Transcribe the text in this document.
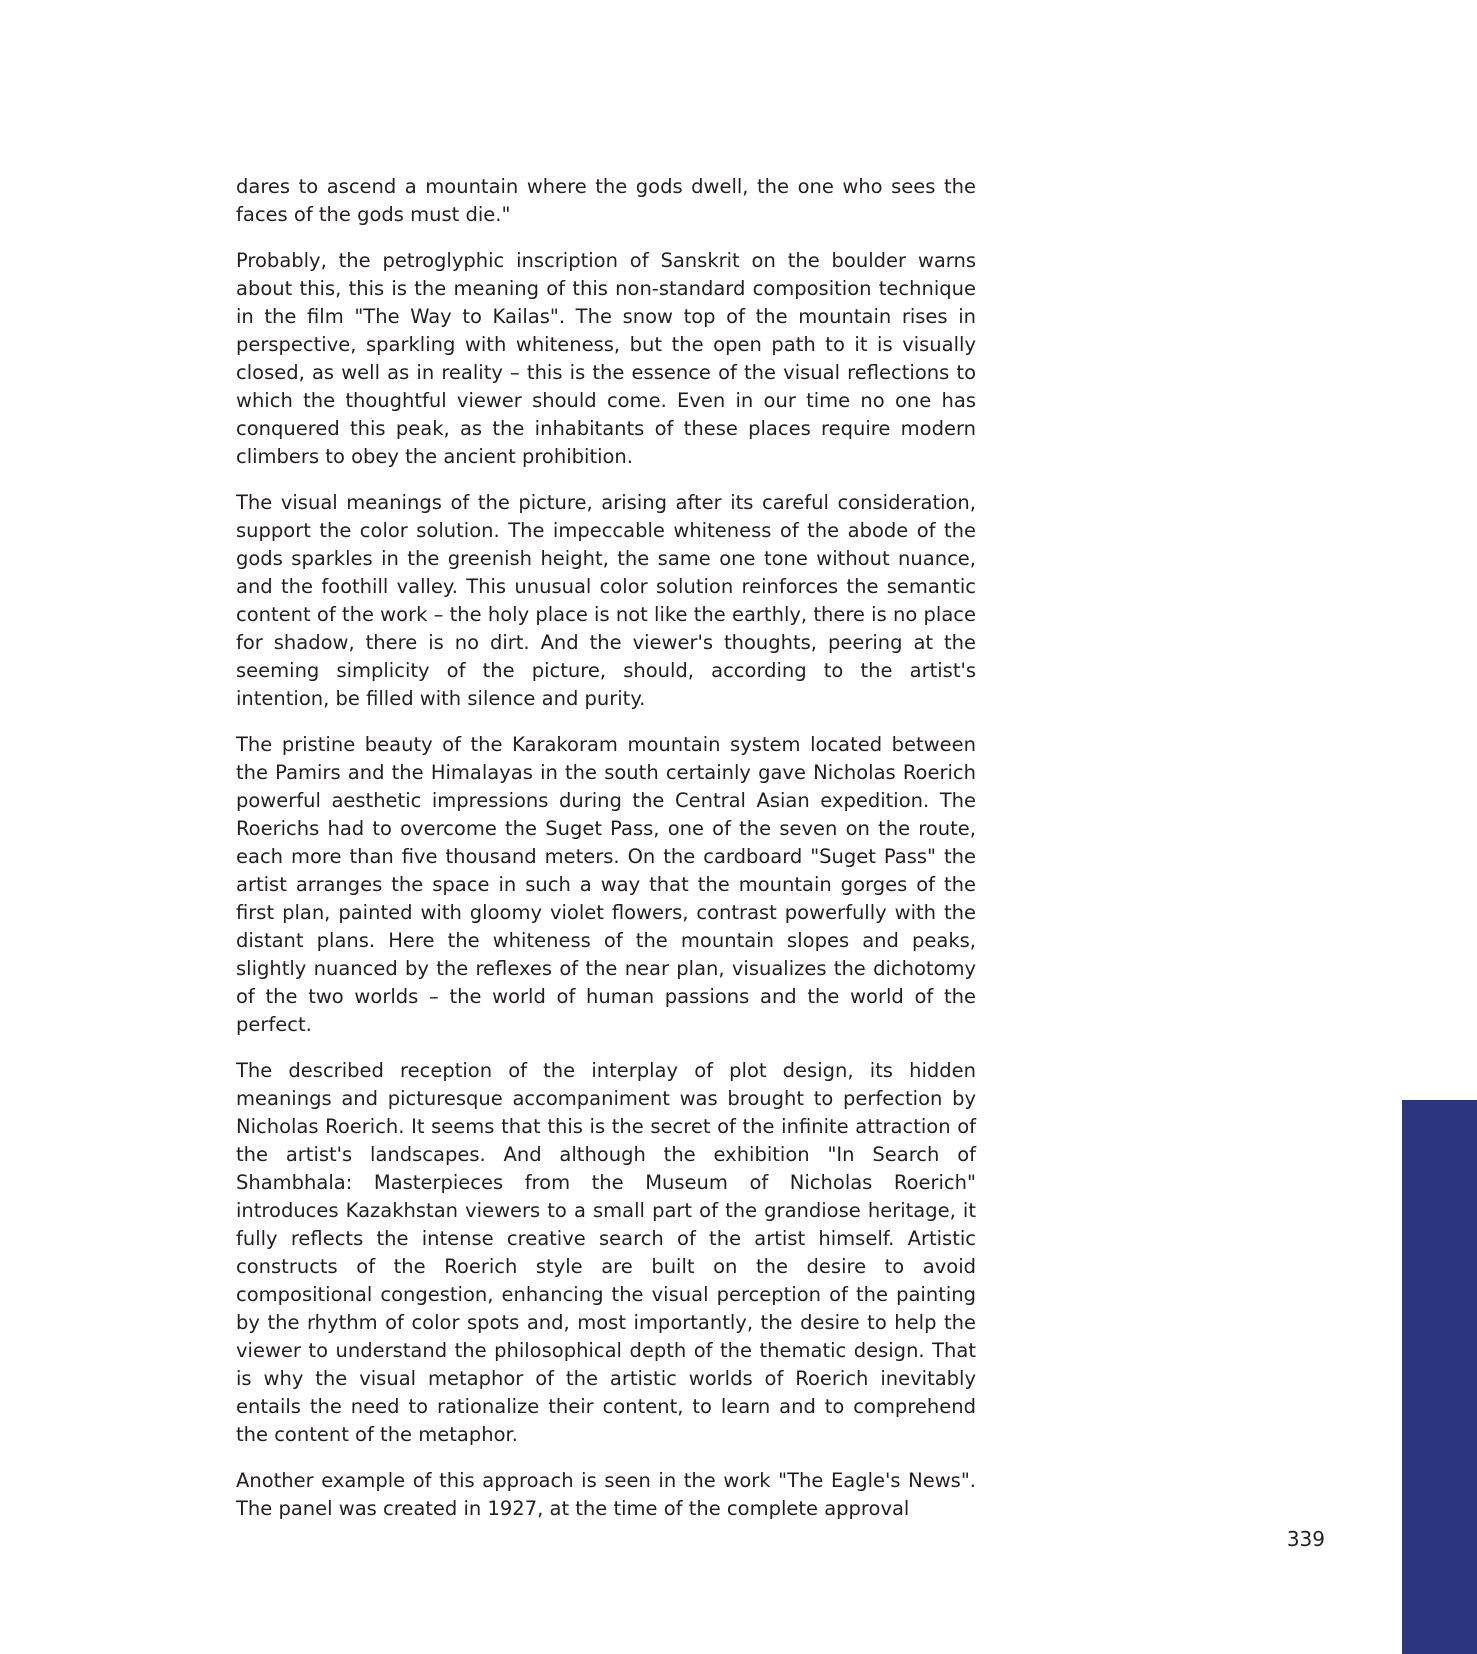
dares to ascend a mountain where the gods dwell, the one who sees the faces of the gods must die."

Probably, the petroglyphic inscription of Sanskrit on the boulder warns about this, this is the meaning of this non-standard composition technique in the film "The Way to Kailas". The snow top of the mountain rises in perspective, sparkling with whiteness, but the open path to it is visually closed, as well as in reality – this is the essence of the visual reflections to which the thoughtful viewer should come. Even in our time no one has conquered this peak, as the inhabitants of these places require modern climbers to obey the ancient prohibition.

The visual meanings of the picture, arising after its careful consideration, support the color solution. The impeccable whiteness of the abode of the gods sparkles in the greenish height, the same one tone without nuance, and the foothill valley. This unusual color solution reinforces the semantic content of the work – the holy place is not like the earthly, there is no place for shadow, there is no dirt. And the viewer's thoughts, peering at the seeming simplicity of the picture, should, according to the artist's intention, be filled with silence and purity.

The pristine beauty of the Karakoram mountain system located between the Pamirs and the Himalayas in the south certainly gave Nicholas Roerich powerful aesthetic impressions during the Central Asian expedition. The Roerichs had to overcome the Suget Pass, one of the seven on the route, each more than five thousand meters. On the cardboard "Suget Pass" the artist arranges the space in such a way that the mountain gorges of the first plan, painted with gloomy violet flowers, contrast powerfully with the distant plans. Here the whiteness of the mountain slopes and peaks, slightly nuanced by the reflexes of the near plan, visualizes the dichotomy of the two worlds – the world of human passions and the world of the perfect.

The described reception of the interplay of plot design, its hidden meanings and picturesque accompaniment was brought to perfection by Nicholas Roerich. It seems that this is the secret of the infinite attraction of the artist's landscapes. And although the exhibition "In Search of Shambhala: Masterpieces from the Museum of Nicholas Roerich" introduces Kazakhstan viewers to a small part of the grandiose heritage, it fully reflects the intense creative search of the artist himself. Artistic constructs of the Roerich style are built on the desire to avoid compositional congestion, enhancing the visual perception of the painting by the rhythm of color spots and, most importantly, the desire to help the viewer to understand the philosophical depth of the thematic design. That is why the visual metaphor of the artistic worlds of Roerich inevitably entails the need to rationalize their content, to learn and to comprehend the content of the metaphor.

Another example of this approach is seen in the work "The Eagle's News". The panel was created in 1927, at the time of the complete approval

339
